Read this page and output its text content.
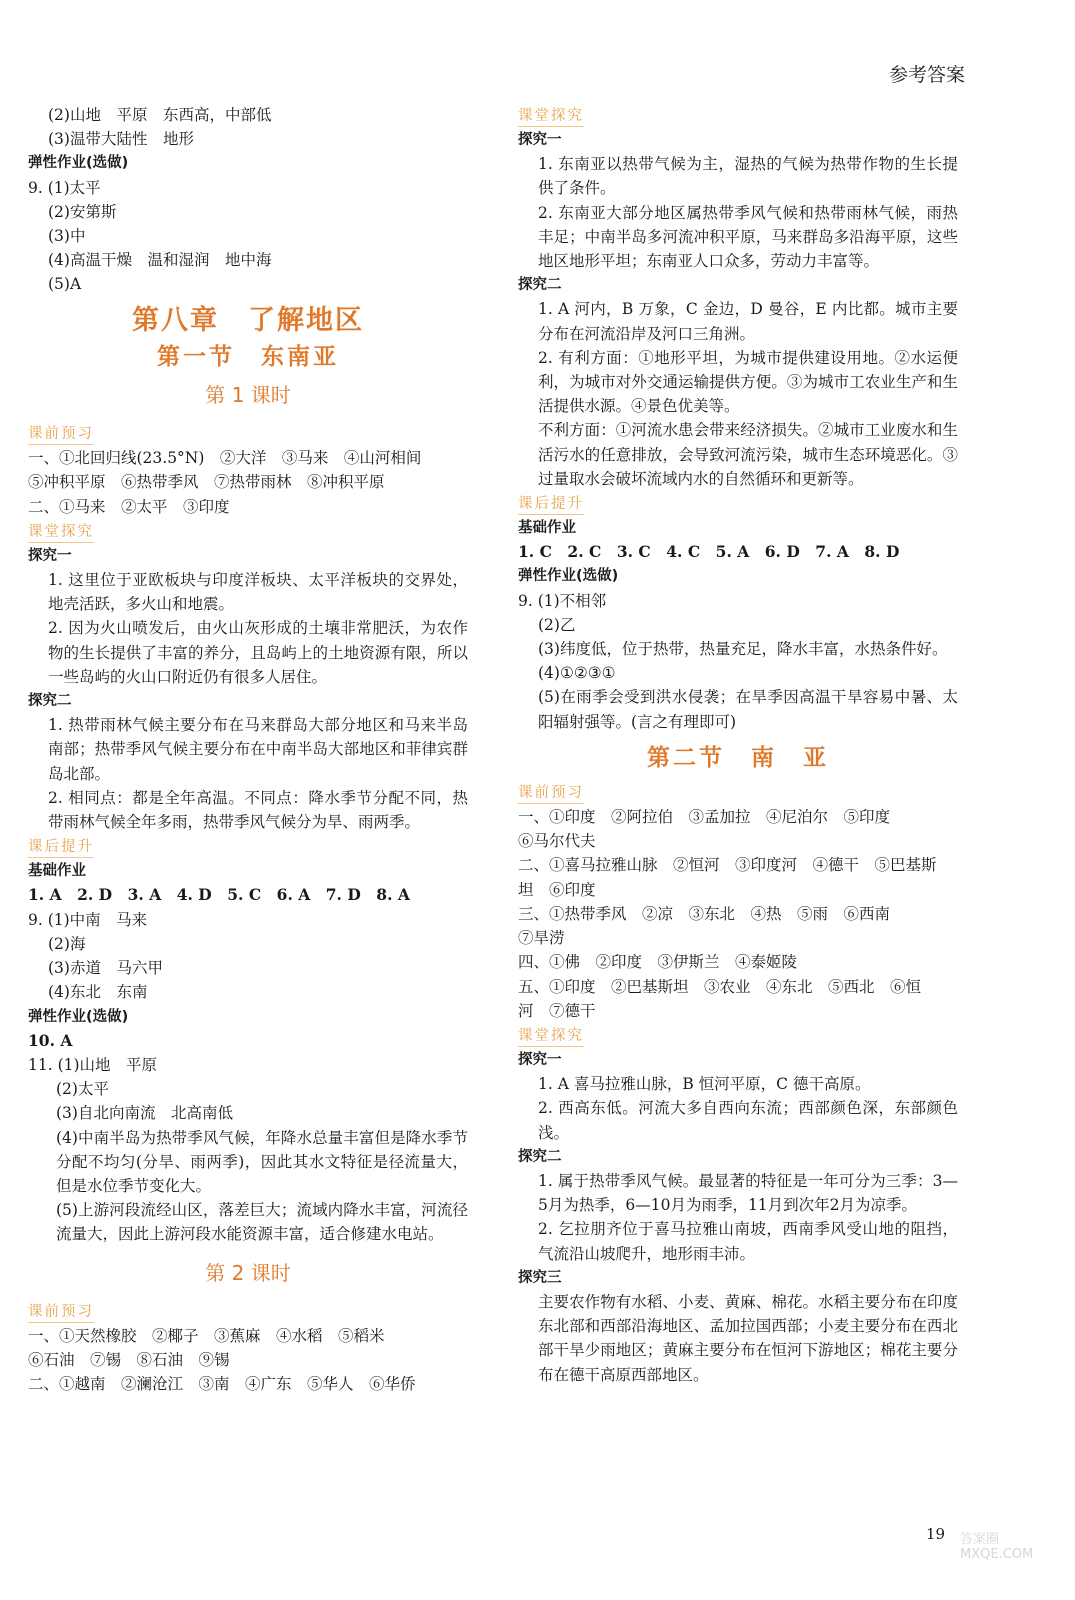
参考答案
(2)山地　平原　东西高，中部低
(3)温带大陆性　地形
弹性作业(选做)
9. (1)太平
(2)安第斯
(3)中
(4)高温干燥　温和湿润　地中海
(5)A
第八章　了解地区
第一节　东南亚
第 1 课时
课前预习
一、①北回归线(23.5°N)　②大洋　③马来　④山河相间
⑤冲积平原　⑥热带季风　⑦热带雨林　⑧冲积平原
二、①马来　②太平　③印度
课堂探究
探究一
1. 这里位于亚欧板块与印度洋板块、太平洋板块的交界处，地壳活跃，多火山和地震。
2. 因为火山喷发后，由火山灰形成的土壤非常肥沃，为农作物的生长提供了丰富的养分，且岛屿上的土地资源有限，所以一些岛屿的火山口附近仍有很多人居住。
探究二
1. 热带雨林气候主要分布在马来群岛大部分地区和马来半岛南部；热带季风气候主要分布在中南半岛大部地区和菲律宾群岛北部。
2. 相同点：都是全年高温。不同点：降水季节分配不同，热带雨林气候全年多雨，热带季风气候分为旱、雨两季。
课后提升
基础作业
1. A　2. D　3. A　4. D　5. C　6. A　7. D　8. A
9. (1)中南　马来
(2)海
(3)赤道　马六甲
(4)东北　东南
弹性作业(选做)
10. A
11. (1)山地　平原
(2)太平
(3)自北向南流　北高南低
(4)中南半岛为热带季风气候，年降水总量丰富但是降水季节分配不均匀(分旱、雨两季)，因此其水文特征是径流量大，但是水位季节变化大。
(5)上游河段流经山区，落差巨大；流域内降水丰富，河流径流量大，因此上游河段水能资源丰富，适合修建水电站。
第 2 课时
课前预习
一、①天然橡胶　②椰子　③蕉麻　④水稻　⑤稻米
⑥石油　⑦锡　⑧石油　⑨锡
二、①越南　②澜沧江　③南　④广东　⑤华人　⑥华侨
课堂探究
探究一
1. 东南亚以热带气候为主，湿热的气候为热带作物的生长提供了条件。
2. 东南亚大部分地区属热带季风气候和热带雨林气候，雨热丰足；中南半岛多河流冲积平原，马来群岛多沿海平原，这些地区地形平坦；东南亚人口众多，劳动力丰富等。
探究二
1. A 河内，B 万象，C 金边，D 曼谷，E 内比都。城市主要分布在河流沿岸及河口三角洲。
2. 有利方面：①地形平坦，为城市提供建设用地。②水运便利，为城市对外交通运输提供方便。③为城市工农业生产和生活提供水源。④景色优美等。
不利方面：①河流水患会带来经济损失。②城市工业废水和生活污水的任意排放，会导致河流污染，城市生态环境恶化。③过量取水会破坏流域内水的自然循环和更新等。
课后提升
基础作业
1. C　2. C　3. C　4. C　5. A　6. D　7. A　8. D
弹性作业(选做)
9. (1)不相邻
(2)乙
(3)纬度低，位于热带，热量充足，降水丰富，水热条件好。
(4)①②③①
(5)在雨季会受到洪水侵袭；在旱季因高温干旱容易中暑、太阳辐射强等。(言之有理即可)
第二节　南　亚
课前预习
一、①印度　②阿拉伯　③孟加拉　④尼泊尔　⑤印度
⑥马尔代夫
二、①喜马拉雅山脉　②恒河　③印度河　④德干　⑤巴基斯
坦　⑥印度
三、①热带季风　②凉　③东北　④热　⑤雨　⑥西南
⑦旱涝
四、①佛　②印度　③伊斯兰　④泰姬陵
五、①印度　②巴基斯坦　③农业　④东北　⑤西北　⑥恒
河　⑦德干
课堂探究
探究一
1. A 喜马拉雅山脉，B 恒河平原，C 德干高原。
2. 西高东低。河流大多自西向东流；西部颜色深，东部颜色浅。
探究二
1. 属于热带季风气候。最显著的特征是一年可分为三季：3—5月为热季，6—10月为雨季，11月到次年2月为凉季。
2. 乞拉朋齐位于喜马拉雅山南坡，西南季风受山地的阻挡，气流沿山坡爬升，地形雨丰沛。
探究三
主要农作物有水稻、小麦、黄麻、棉花。水稻主要分布在印度东北部和西部沿海地区、孟加拉国西部；小麦主要分布在西北部干旱少雨地区；黄麻主要分布在恒河下游地区；棉花主要分布在德干高原西部地区。
19 答案圈 MXQE.COM
